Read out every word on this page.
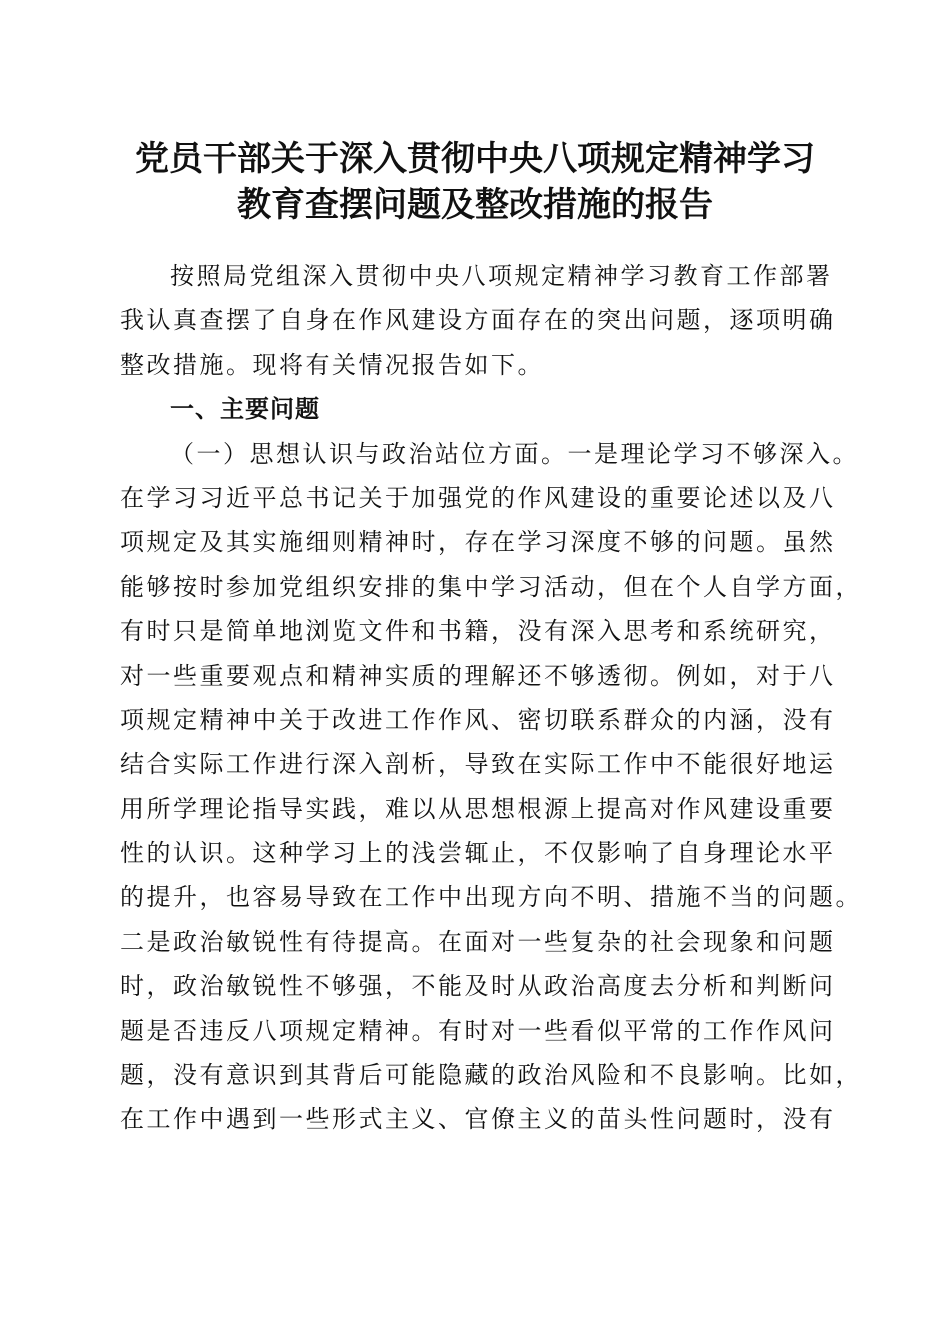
党员干部关于深入贯彻中央八项规定精神学习
教育查摆问题及整改措施的报告
按照局党组深入贯彻中央八项规定精神学习教育工作部署
我认真查摆了自身在作风建设方面存在的突出问题，逐项明确
整改措施。现将有关情况报告如下。
一、主要问题
（一）思想认识与政治站位方面。一是理论学习不够深入。
在学习习近平总书记关于加强党的作风建设的重要论述以及八
项规定及其实施细则精神时，存在学习深度不够的问题。虽然
能够按时参加党组织安排的集中学习活动，但在个人自学方面，
有时只是简单地浏览文件和书籍，没有深入思考和系统研究，
对一些重要观点和精神实质的理解还不够透彻。例如，对于八
项规定精神中关于改进工作作风、密切联系群众的内涵，没有
结合实际工作进行深入剖析，导致在实际工作中不能很好地运
用所学理论指导实践，难以从思想根源上提高对作风建设重要
性的认识。这种学习上的浅尝辄止，不仅影响了自身理论水平
的提升，也容易导致在工作中出现方向不明、措施不当的问题。
二是政治敏锐性有待提高。在面对一些复杂的社会现象和问题
时，政治敏锐性不够强，不能及时从政治高度去分析和判断问
题是否违反八项规定精神。有时对一些看似平常的工作作风问
题，没有意识到其背后可能隐藏的政治风险和不良影响。比如，
在工作中遇到一些形式主义、官僚主义的苗头性问题时，没有
